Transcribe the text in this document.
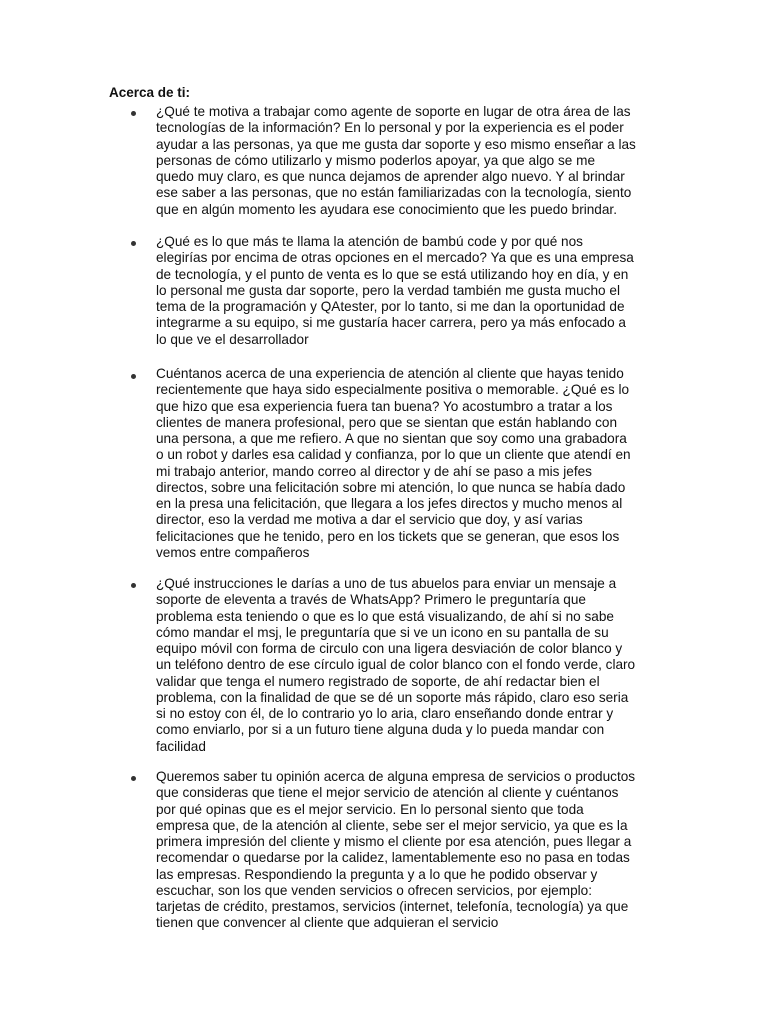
Acerca de ti:

¿Qué te motiva a trabajar como agente de soporte en lugar de otra área de las
tecnologías de la información? En lo personal y por la experiencia es el poder
ayudar a las personas, ya que me gusta dar soporte y eso mismo enseñar a las
personas de cómo utilizarlo y mismo poderlos apoyar, ya que algo se me
quedo muy claro, es que nunca dejamos de aprender algo nuevo. Y al brindar
ese saber a las personas, que no están familiarizadas con la tecnología, siento
que en algún momento les ayudara ese conocimiento que les puedo brindar.

¿Qué es lo que más te llama la atención de bambú code y por qué nos
elegirías por encima de otras opciones en el mercado? Ya que es una empresa
de tecnología, y el punto de venta es lo que se está utilizando hoy en día, y en
lo personal me gusta dar soporte, pero la verdad también me gusta mucho el
tema de la programación y QAtester, por lo tanto, si me dan la oportunidad de
integrarme a su equipo, si me gustaría hacer carrera, pero ya más enfocado a
lo que ve el desarrollador

Cuéntanos acerca de una experiencia de atención al cliente que hayas tenido
recientemente que haya sido especialmente positiva o memorable. ¿Qué es lo
que hizo que esa experiencia fuera tan buena? Yo acostumbro a tratar a los
clientes de manera profesional, pero que se sientan que están hablando con
una persona, a que me refiero. A que no sientan que soy como una grabadora
o un robot y darles esa calidad y confianza, por lo que un cliente que atendí en
mi trabajo anterior, mando correo al director y de ahí se paso a mis jefes
directos, sobre una felicitación sobre mi atención, lo que nunca se había dado
en la presa una felicitación, que llegara a los jefes directos y mucho menos al
director, eso la verdad me motiva a dar el servicio que doy, y así varias
felicitaciones que he tenido, pero en los tickets que se generan, que esos los
vemos entre compañeros

¿Qué instrucciones le darías a uno de tus abuelos para enviar un mensaje a
soporte de eleventa a través de WhatsApp? Primero le preguntaría que
problema esta teniendo o que es lo que está visualizando, de ahí si no sabe
cómo mandar el msj, le preguntaría que si ve un icono en su pantalla de su
equipo móvil con forma de circulo con una ligera desviación de color blanco y
un teléfono dentro de ese círculo igual de color blanco con el fondo verde, claro
validar que tenga el numero registrado de soporte, de ahí redactar bien el
problema, con la finalidad de que se dé un soporte más rápido, claro eso seria
si no estoy con él, de lo contrario yo lo aria, claro enseñando donde entrar y
como enviarlo, por si a un futuro tiene alguna duda y lo pueda mandar con
facilidad

Queremos saber tu opinión acerca de alguna empresa de servicios o productos
que consideras que tiene el mejor servicio de atención al cliente y cuéntanos
por qué opinas que es el mejor servicio. En lo personal siento que toda
empresa que, de la atención al cliente, sebe ser el mejor servicio, ya que es la
primera impresión del cliente y mismo el cliente por esa atención, pues llegar a
recomendar o quedarse por la calidez, lamentablemente eso no pasa en todas
las empresas. Respondiendo la pregunta y a lo que he podido observar y
escuchar, son los que venden servicios o ofrecen servicios, por ejemplo:
tarjetas de crédito, prestamos, servicios (internet, telefonía, tecnología) ya que
tienen que convencer al cliente que adquieran el servicio
